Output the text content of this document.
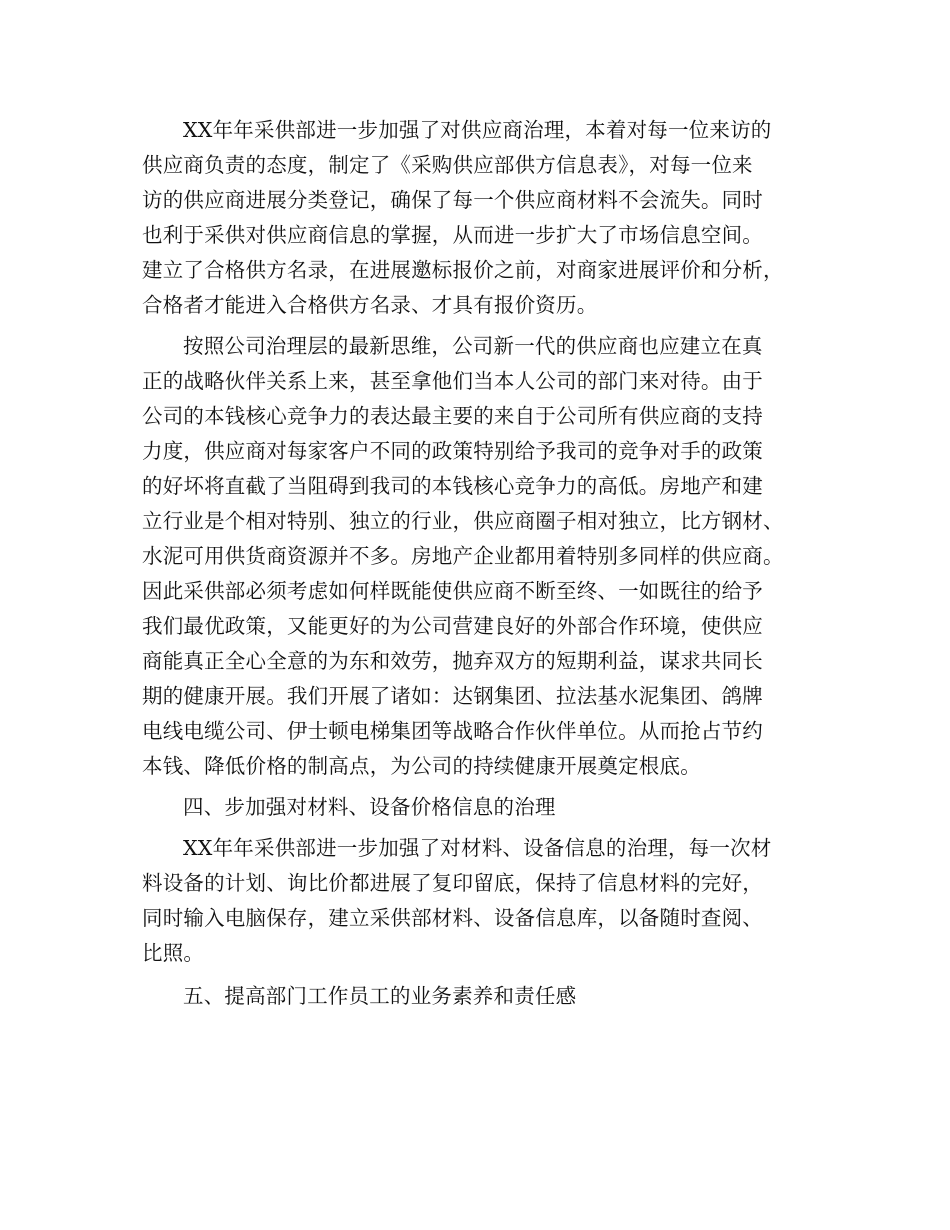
XX年年采供部进一步加强了对供应商治理，本着对每一位来访的
供应商负责的态度，制定了《采购供应部供方信息表》，对每一位来
访的供应商进展分类登记，确保了每一个供应商材料不会流失。同时
也利于采供对供应商信息的掌握，从而进一步扩大了市场信息空间。
建立了合格供方名录，在进展邀标报价之前，对商家进展评价和分析，
合格者才能进入合格供方名录、才具有报价资历。
按照公司治理层的最新思维，公司新一代的供应商也应建立在真
正的战略伙伴关系上来，甚至拿他们当本人公司的部门来对待。由于
公司的本钱核心竞争力的表达最主要的来自于公司所有供应商的支持
力度，供应商对每家客户不同的政策特别给予我司的竞争对手的政策
的好坏将直截了当阻碍到我司的本钱核心竞争力的高低。房地产和建
立行业是个相对特别、独立的行业，供应商圈子相对独立，比方钢材、
水泥可用供货商资源并不多。房地产企业都用着特别多同样的供应商。
因此采供部必须考虑如何样既能使供应商不断至终、一如既往的给予
我们最优政策，又能更好的为公司营建良好的外部合作环境，使供应
商能真正全心全意的为东和效劳，抛弃双方的短期利益，谋求共同长
期的健康开展。我们开展了诸如：达钢集团、拉法基水泥集团、鸽牌
电线电缆公司、伊士顿电梯集团等战略合作伙伴单位。从而抢占节约
本钱、降低价格的制高点，为公司的持续健康开展奠定根底。
四、步加强对材料、设备价格信息的治理
XX年年采供部进一步加强了对材料、设备信息的治理，每一次材
料设备的计划、询比价都进展了复印留底，保持了信息材料的完好，
同时输入电脑保存，建立采供部材料、设备信息库，以备随时查阅、
比照。
五、提高部门工作员工的业务素养和责任感
